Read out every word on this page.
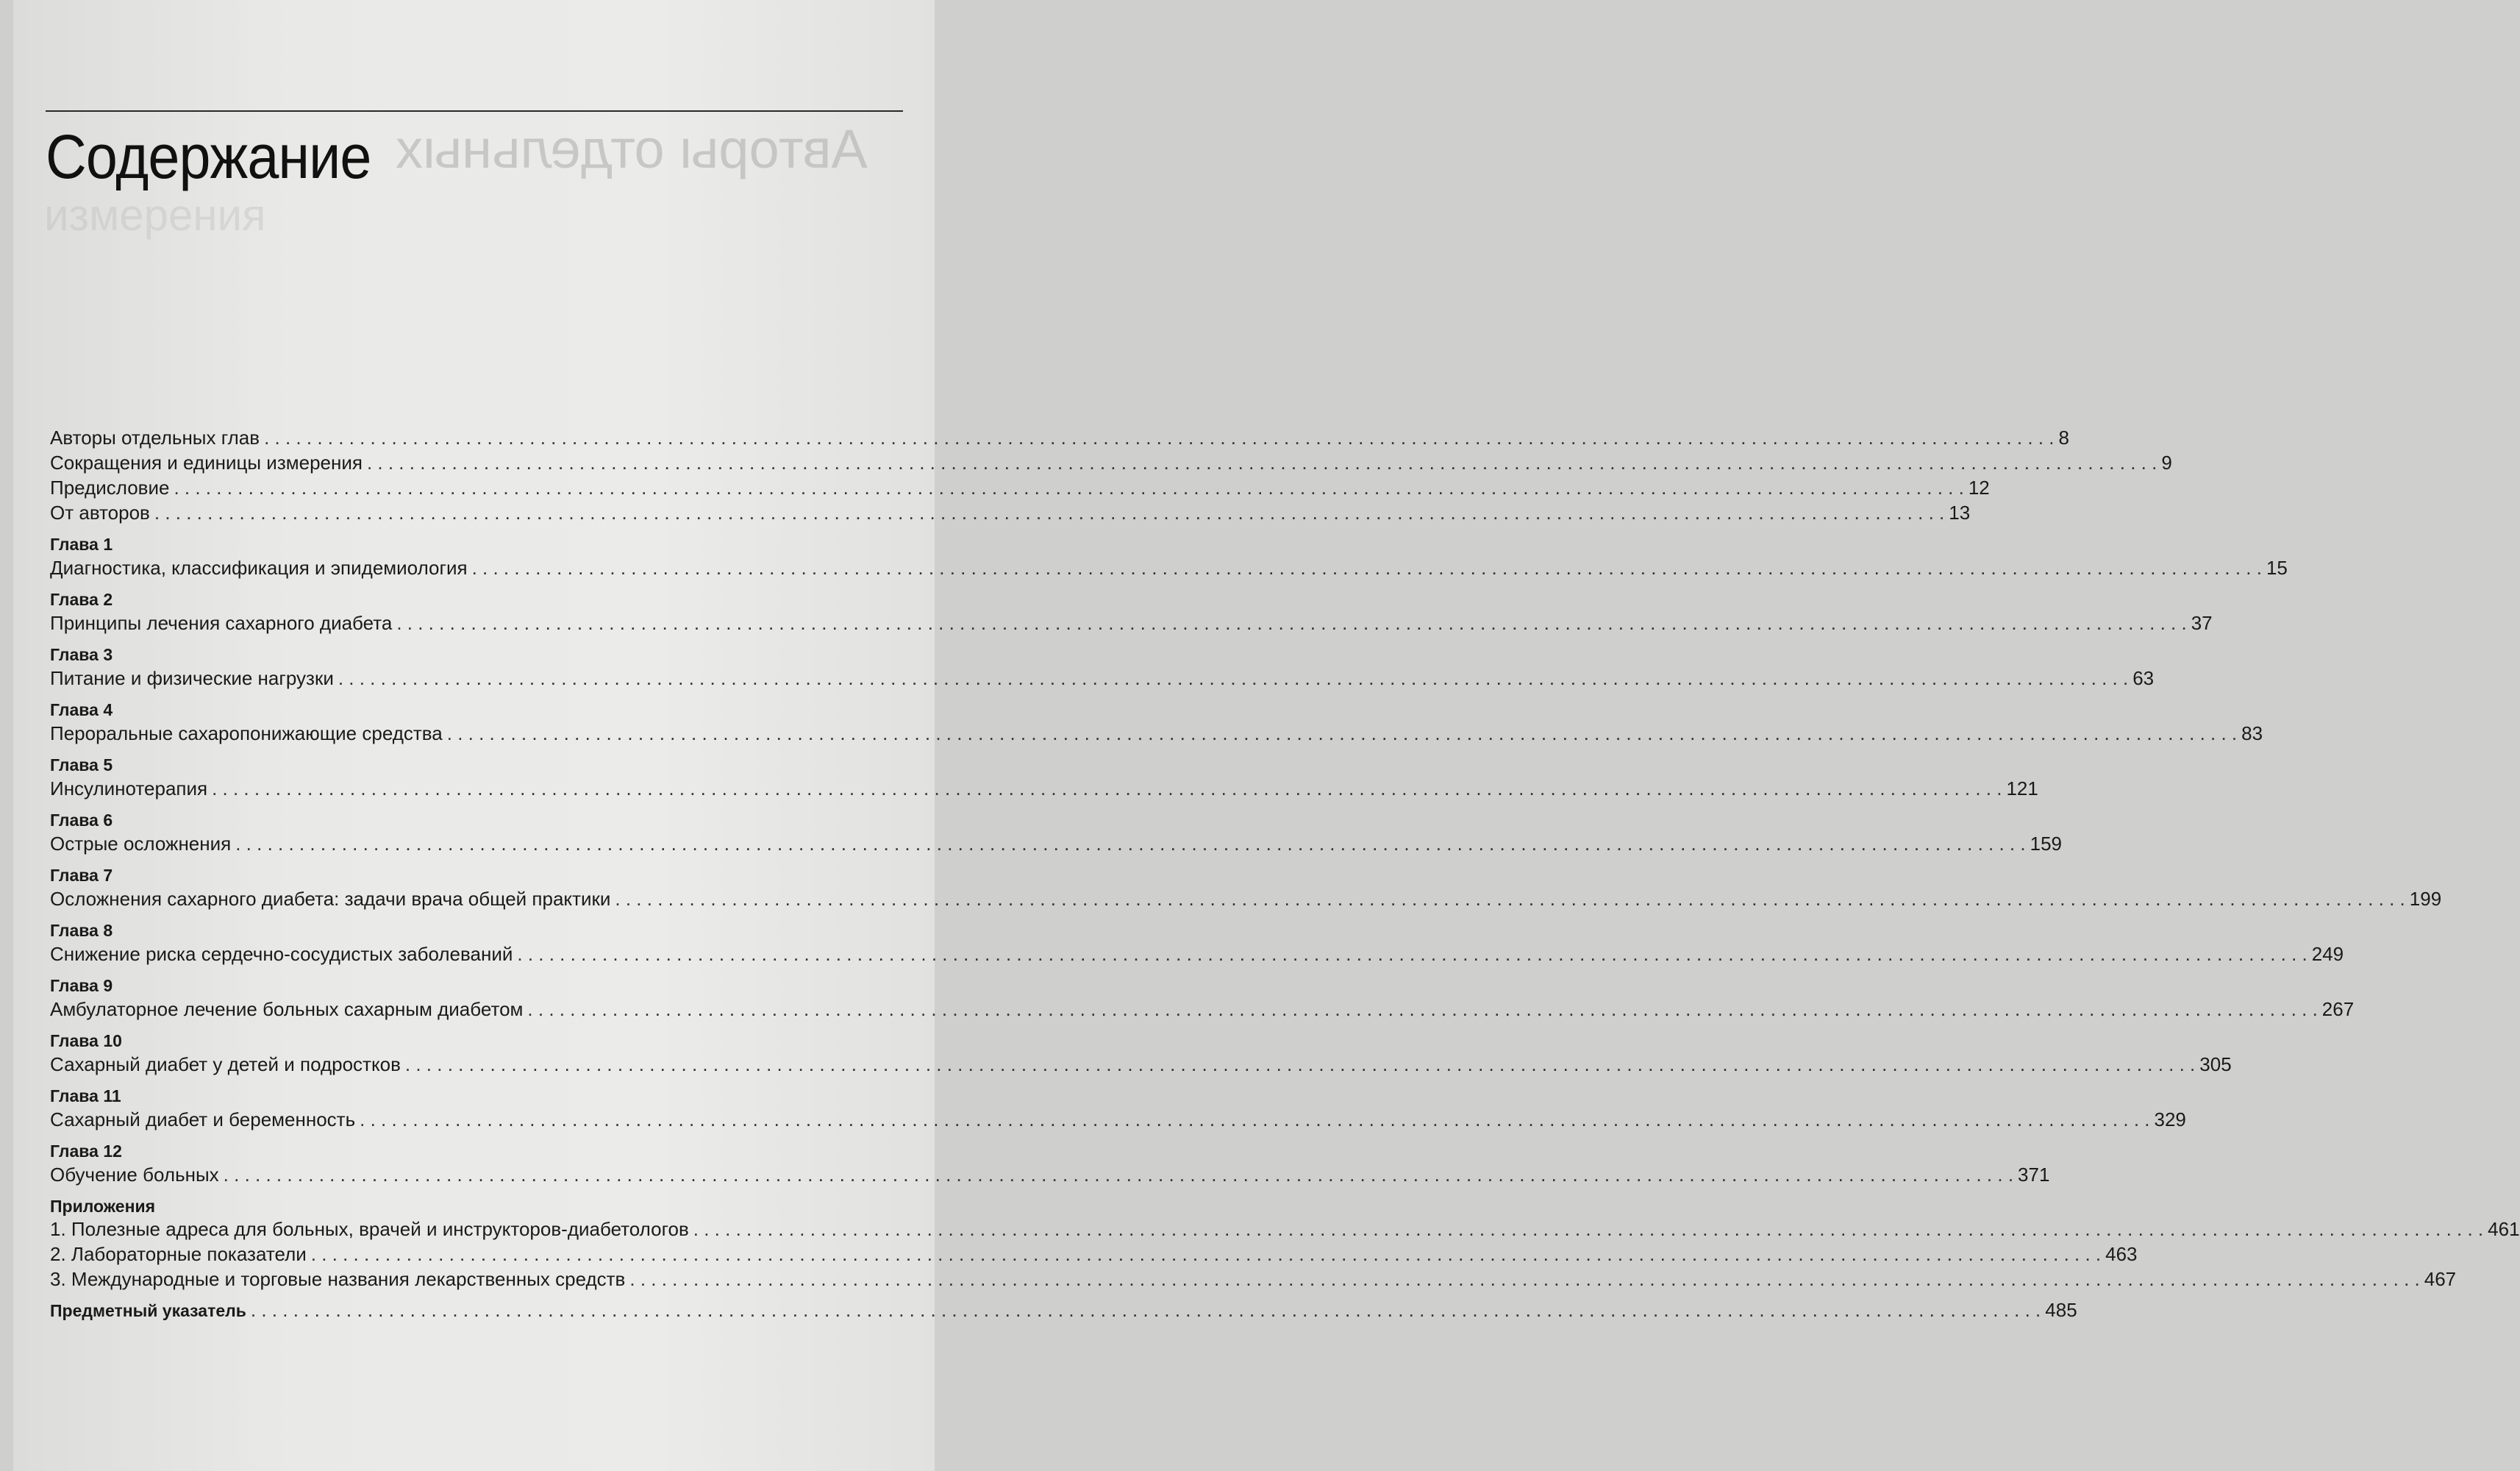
Авторы отдельных
измерения
Содержание
Авторы отдельных глав . . .	8
Сокращения и единицы измерения . . .	9
Предисловие . . .	12
От авторов . . .	13
Глава 1
Диагностика, классификация и эпидемиология . . .	15
Глава 2
Принципы лечения сахарного диабета . . .	37
Глава 3
Питание и физические нагрузки . . .	63
Глава 4
Пероральные сахаропонижающие средства . . .	83
Глава 5
Инсулинотерапия . . .	121
Глава 6
Острые осложнения . . .	159
Глава 7
Осложнения сахарного диабета: задачи врача общей практики . . .	199
Глава 8
Снижение риска сердечно-сосудистых заболеваний . . .	249
Глава 9
Амбулаторное лечение больных сахарным диабетом . . .	267
Глава 10
Сахарный диабет у детей и подростков . . .	305
Глава 11
Сахарный диабет и беременность . . .	329
Глава 12
Обучение больных . . .	371
Приложения
1. Полезные адреса для больных, врачей и инструкторов-диабетологов . . .	461
2. Лабораторные показатели . . .	463
3. Международные и торговые названия лекарственных средств . . .	467
Предметный указатель . . .	485
